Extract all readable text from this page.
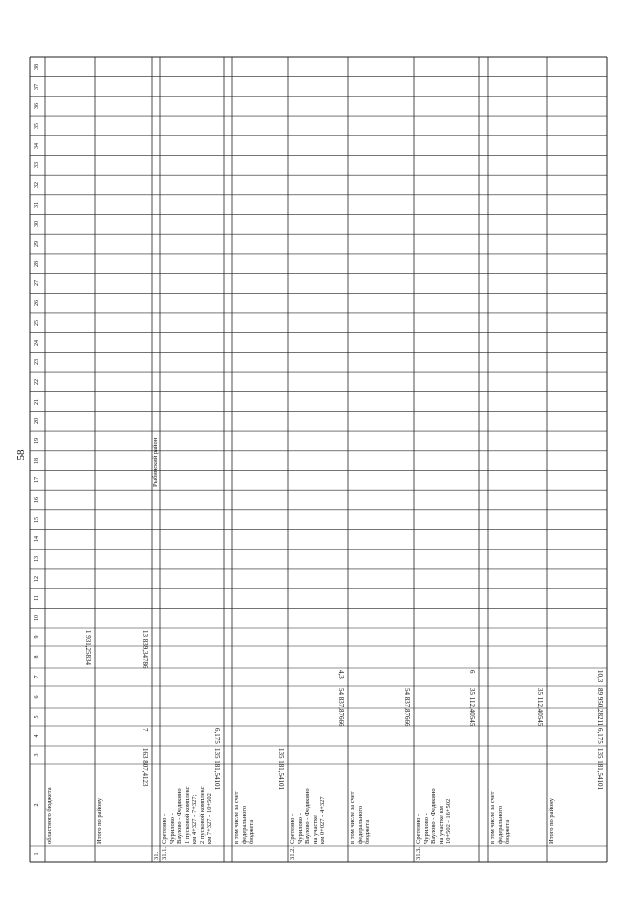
58
1
2
3
4
5
6
7
8
9
10
11
12
13
14
15
16
17
18
19
20
21
22
23
24
25
26
27
28
29
30
31
32
33
34
35
36
37
38
Рыбинский район
областного бюджета
1 931,25834
Итого по району
163 807,4123
7
13 839,34786
31. 31.1.
Сретенно -
Чурилово -
Ваулово - Федякино
1 пусковой комплекс
км 4+327 - 7+327;
2 пусковой комплекс
км 7+327 - 10+502
135 181,54101
6,175
в том числе за счет
федерального
бюджета
135 181,54101
31.2.
Сретенно -
Чурилово -
Ваулово - Федякино
на участке
км 0+027 - 4+327
54 837,87666
4,3
в том числе за счет
федерального
бюджета
54 837,87666
31.3.
Сретенно -
Чурилово -
Ваулово - Федякино
на участке км
10+502 - 16+502
35 112,40545
6
в том числе за счет
федерального
бюджета
35 112,40545
Итого по району
135 181,54101
6,175
89 950,28211
10,3
